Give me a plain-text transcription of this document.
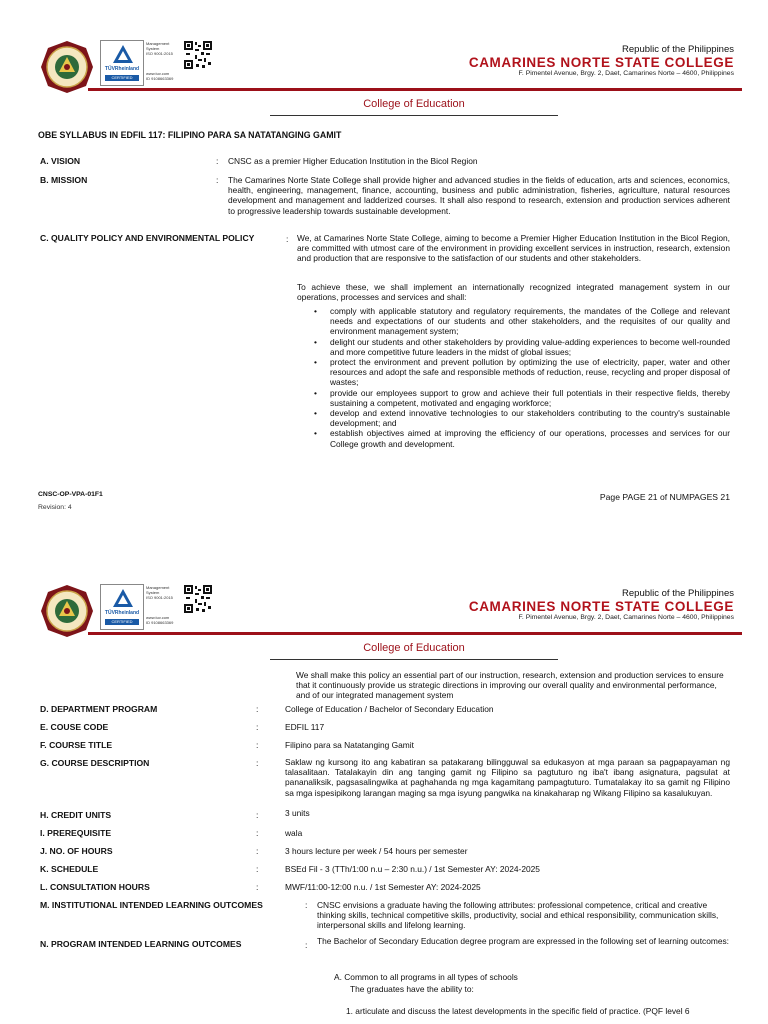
TÜVRheinland
CERTIFIED
Management
System
ISO 9001:2015
www.tuv.com
ID 9108663369
Republic of the Philippines
CAMARINES NORTE STATE COLLEGE
F. Pimentel Avenue, Brgy. 2, Daet, Camarines Norte – 4600, Philippines
College of Education
OBE SYLLABUS IN EDFIL 117: FILIPINO PARA SA NATATANGING GAMIT
A. VISION	: CNSC as a premier Higher Education Institution in the Bicol Region
B. MISSION	: The Camarines Norte State College shall provide higher and advanced studies in the fields of education, arts and sciences, economics, health, engineering, management, finance, accounting, business and public administration, fisheries, agriculture, natural resources development and management and ladderized courses. It shall also respond to research, extension and production services adherent to progressive leadership towards sustainable development.
C. QUALITY POLICY AND ENVIRONMENTAL POLICY	: We, at Camarines Norte State College, aiming to become a Premier Higher Education Institution in the Bicol Region, are committed with utmost care of the environment in providing excellent services in instruction, research, extension and production that are responsive to the satisfaction of our students and other stakeholders.
To achieve these, we shall implement an internationally recognized integrated management system in our operations, processes and services and shall:
• comply with applicable statutory and regulatory requirements, the mandates of the College and relevant needs and expectations of our students and other stakeholders, and the requisites of our quality and environment management system;
• delight our students and other stakeholders by providing value-adding experiences to become well-rounded and more competitive future leaders in the midst of global issues;
• protect the environment and prevent pollution by optimizing the use of electricity, paper, water and other resources and adopt the safe and responsible methods of reduction, reuse, recycling and proper disposal of wastes;
• provide our employees support to grow and achieve their full potentials in their respective fields, thereby sustaining a competent, motivated and engaging workforce;
• develop and extend innovative technologies to our stakeholders contributing to the country's sustainable development; and
• establish objectives aimed at improving the efficiency of our operations, processes and services for our College growth and development.
CNSC-OP-VPA-01F1
Revision: 4
Page PAGE 21 of NUMPAGES 21
TÜVRheinland
CERTIFIED
Management
System
ISO 9001:2015
www.tuv.com
ID 9108663369
Republic of the Philippines
CAMARINES NORTE STATE COLLEGE
F. Pimentel Avenue, Brgy. 2, Daet, Camarines Norte – 4600, Philippines
College of Education
We shall make this policy an essential part of our instruction, research, extension and production services to ensure that it continuously provide us strategic directions in improving our overall quality and environmental performance, and of our integrated management system
D. DEPARTMENT PROGRAM	:	College of Education / Bachelor of Secondary Education
E. COUSE CODE	:	EDFIL 117
F. COURSE TITLE	:	Filipino para sa Natatanging Gamit
G. COURSE DESCRIPTION	:	Saklaw ng kursong ito ang kabatiran sa patakarang bilingguwal sa edukasyon at mga paraan sa pagpapayaman ng talasalitaan. Tatalakayin din ang tanging gamit ng Filipino sa pagtuturo ng iba't ibang asignatura, pagsulat at pananaliksik, pagsasalingwika at paghahanda ng mga kagamitang pampagtuturo. Tumatalakay ito sa gamit ng Filipino sa mga ispesipikong larangan maging sa mga isyung pangwika na kinakaharap ng Wikang Filipino sa kasalukuyan.
H. CREDIT UNITS	:	3 units
I. PREREQUISITE	:	wala
J. NO. OF HOURS	:	3 hours lecture per week / 54 hours per semester
K. SCHEDULE	:	BSEd Fil - 3 (TTh/1:00 n.u – 2:30 n.u.) / 1st Semester AY: 2024-2025
L. CONSULTATION HOURS	:	MWF/11:00-12:00 n.u. / 1st Semester AY: 2024-2025
M. INSTITUTIONAL INTENDED LEARNING OUTCOMES	: CNSC envisions a graduate having the following attributes: professional competence, critical and creative thinking skills, technical competitive skills, productivity, social and ethical responsibility, communication skills, interpersonal skills and lifelong learning.
N. PROGRAM INTENDED LEARNING OUTCOMES	: The Bachelor of Secondary Education degree program are expressed in the following set of learning outcomes:
A. Common to all programs in all types of schools
The graduates have the ability to:
1. articulate and discuss the latest developments in the specific field of practice. (PQF level 6
